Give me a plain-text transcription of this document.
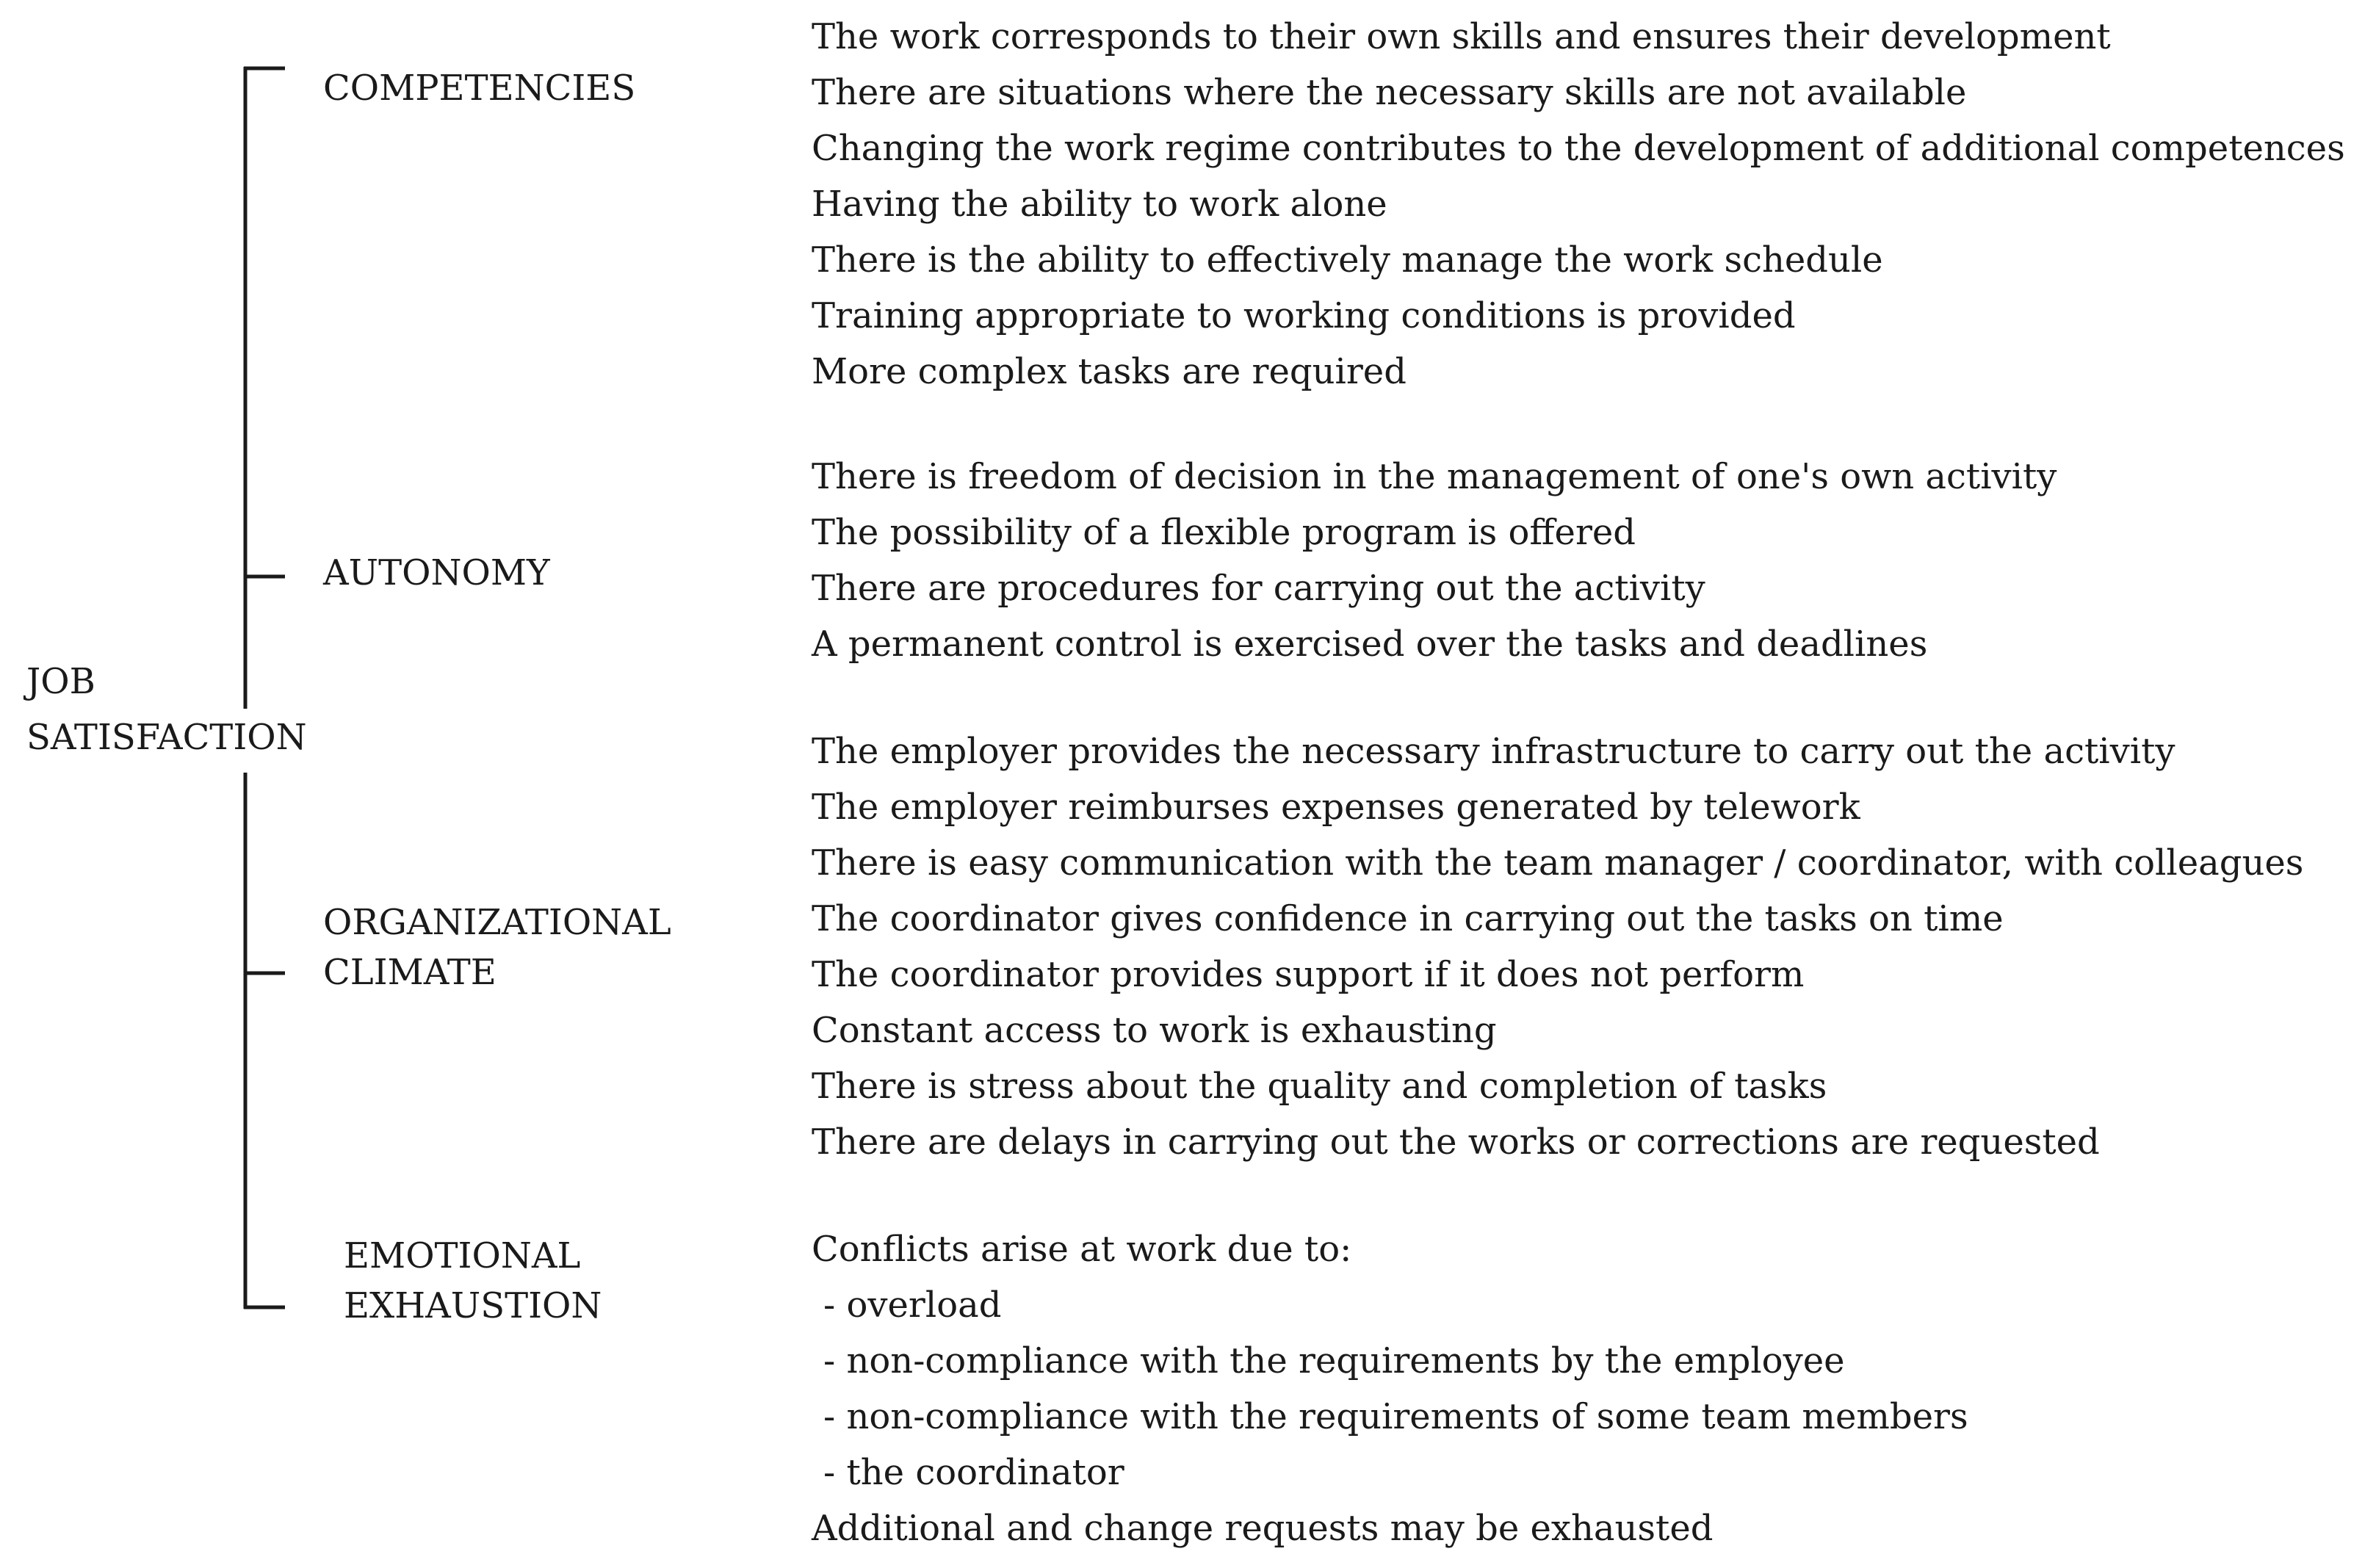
JOB
SATISFACTION
COMPETENCIES
AUTONOMY
ORGANIZATIONAL
CLIMATE
EMOTIONAL
EXHAUSTION
The work corresponds to their own skills and ensures their development
There are situations where the necessary skills are not available
Changing the work regime contributes to the development of additional competences
Having the ability to work alone
There is the ability to effectively manage the work schedule
Training appropriate to working conditions is provided
More complex tasks are required
There is freedom of decision in the management of one's own activity
The possibility of a flexible program is offered
There are procedures for carrying out the activity
A permanent control is exercised over the tasks and deadlines
The employer provides the necessary infrastructure to carry out the activity
The employer reimburses expenses generated by telework
There is easy communication with the team manager / coordinator, with colleagues
The coordinator gives confidence in carrying out the tasks on time
The coordinator provides support if it does not perform
Constant access to work is exhausting
There is stress about the quality and completion of tasks
There are delays in carrying out the works or corrections are requested
Conflicts arise at work due to:
- overload
- non-compliance with the requirements by the employee
- non-compliance with the requirements of some team members
- the coordinator
Additional and change requests may be exhausted
